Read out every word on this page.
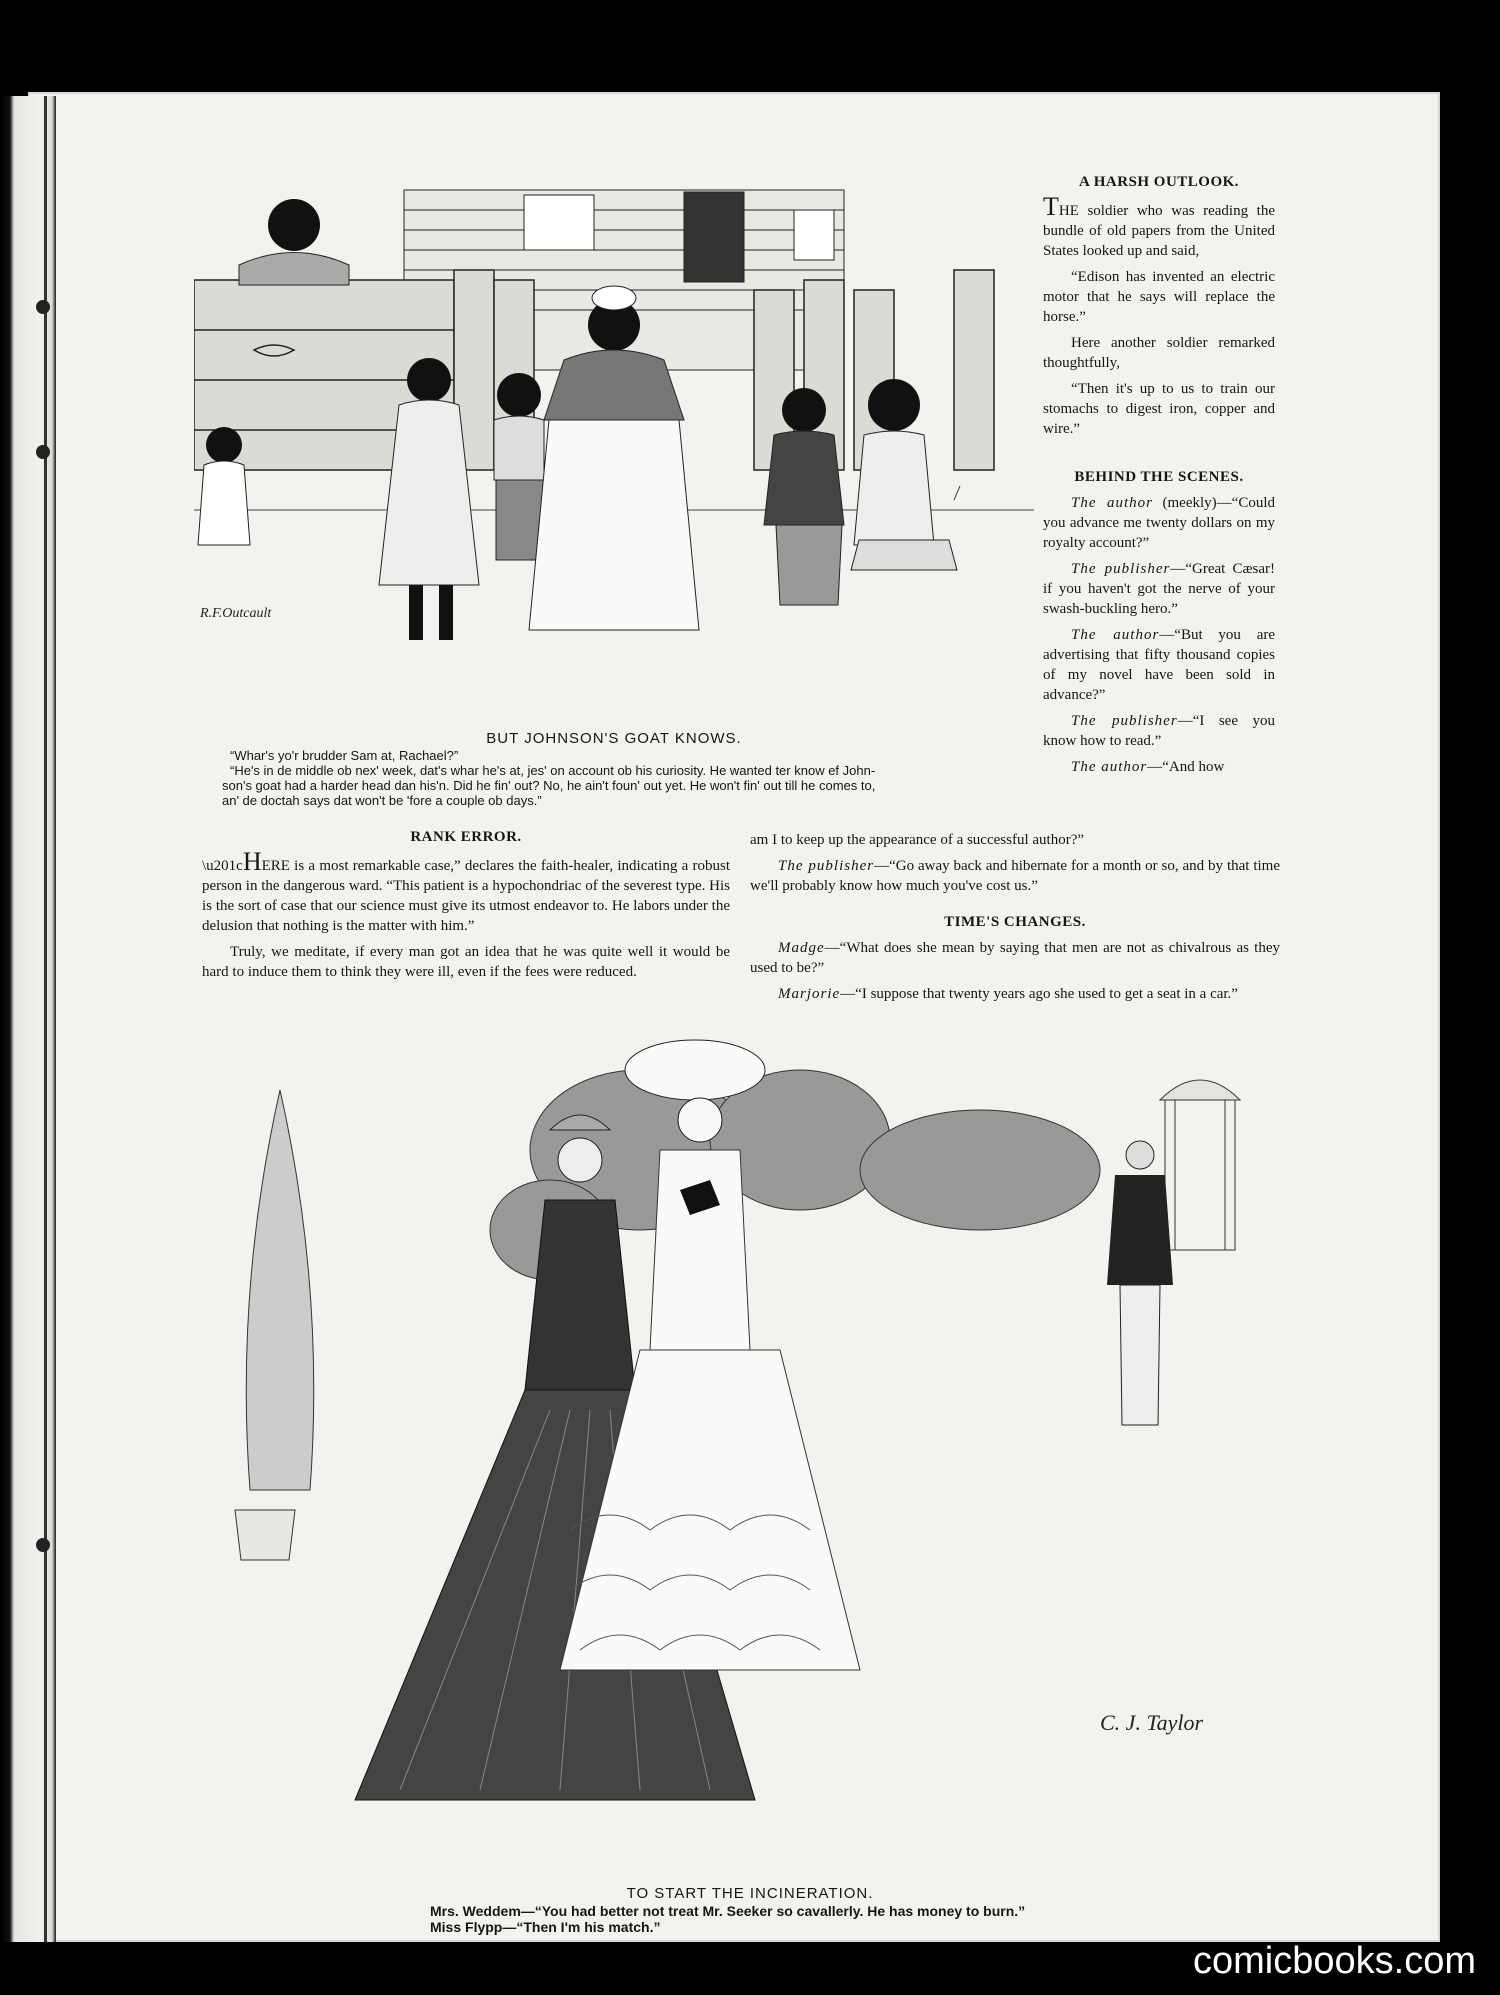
R.F.Outcault
BUT JOHNSON'S GOAT KNOWS.
“Whar's yo'r brudder Sam at, Rachael?”
“He's in de middle ob nex' week, dat's whar he's at, jes' on account ob his curiosity. He wanted ter know ef John-
son's goat had a harder head dan his'n. Did he fin' out? No, he ain't foun' out yet. He won't fin' out till he comes to,
an' de doctah says dat won't be 'fore a couple ob days.”
A HARSH OUTLOOK.

THE soldier who was reading the bundle of old papers from the United States looked up and said,

“Edison has invented an electric motor that he says will replace the horse.”

Here another soldier remarked thoughtfully,

“Then it's up to us to train our stomachs to digest iron, copper and wire.”

BEHIND THE SCENES.

The author (meekly)—“Could you advance me twenty dollars on my royalty account?”

The publisher—“Great Cæsar! if you haven't got the nerve of your swash-buckling hero.”

The author—“But you are advertising that fifty thousand copies of my novel have been sold in advance?”

The publisher—“I see you know how to read.”

The author—“And how

RANK ERROR.

\u201cHERE is a most remarkable case,” declares the faith-healer, indicating a robust person in the dangerous ward. “This patient is a hypochondriac of the severest type. His is the sort of case that our science must give its utmost endeavor to. He labors under the delusion that nothing is the matter with him.”

Truly, we meditate, if every man got an idea that he was quite well it would be hard to induce them to think they were ill, even if the fees were reduced.

am I to keep up the appearance of a successful author?”

The publisher—“Go away back and hibernate for a month or so, and by that time we'll probably know how much you've cost us.”

TIME'S CHANGES.

Madge—“What does she mean by saying that men are not as chivalrous as they used to be?”

Marjorie—“I suppose that twenty years ago she used to get a seat in a car.”

C. J. Taylor
TO START THE INCINERATION.
Mrs. Weddem—“You had better not treat Mr. Seeker so cavallerly. He has money to burn.”
Miss Flypp—“Then I'm his match.”
comicbooks.com
